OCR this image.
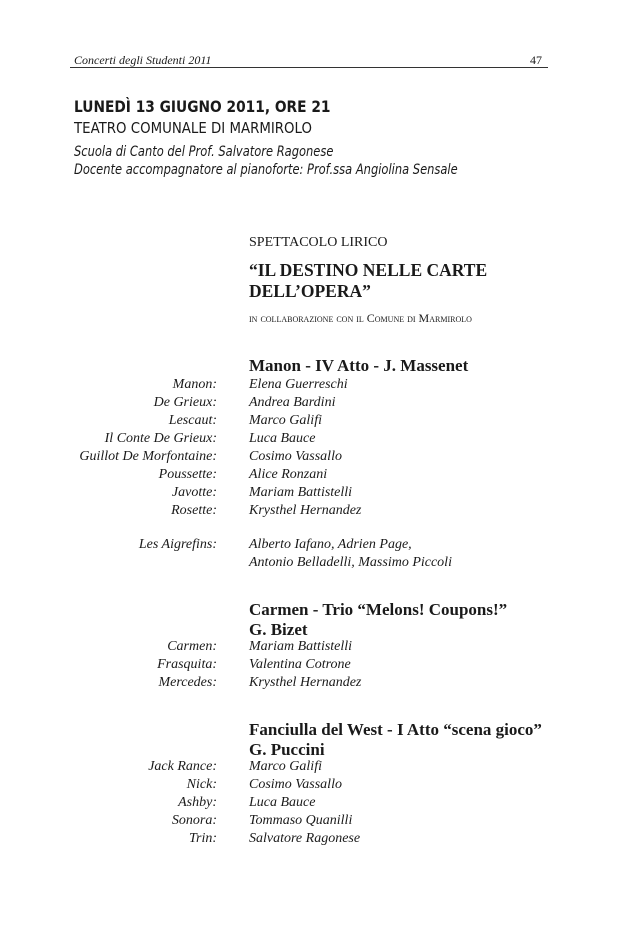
Concerti degli Studenti 2011	47
LUNEDÌ 13 GIUGNO 2011, ORE 21
TEATRO COMUNALE DI MARMIROLO
Scuola di Canto del Prof. Salvatore Ragonese
Docente accompagnatore al pianoforte: Prof.ssa Angiolina Sensale
SPETTACOLO LIRICO
“IL DESTINO NELLE CARTE
DELL’OPERA”
in collaborazione con il Comune di Marmirolo
Manon - IV Atto - J. Massenet
Manon: Elena Guerreschi
De Grieux: Andrea Bardini
Lescaut: Marco Galifi
Il Conte De Grieux: Luca Bauce
Guillot De Morfontaine: Cosimo Vassallo
Poussette: Alice Ronzani
Javotte: Mariam Battistelli
Rosette: Krysthel Hernandez
Les Aigrefins: Alberto Iafano, Adrien Page,
Antonio Belladelli, Massimo Piccoli
Carmen - Trio “Melons! Coupons!”
G. Bizet
Carmen: Mariam Battistelli
Frasquita: Valentina Cotrone
Mercedes: Krysthel Hernandez
Fanciulla del West - I Atto “scena gioco”
G. Puccini
Jack Rance: Marco Galifi
Nick: Cosimo Vassallo
Ashby: Luca Bauce
Sonora: Tommaso Quanilli
Trin: Salvatore Ragonese
